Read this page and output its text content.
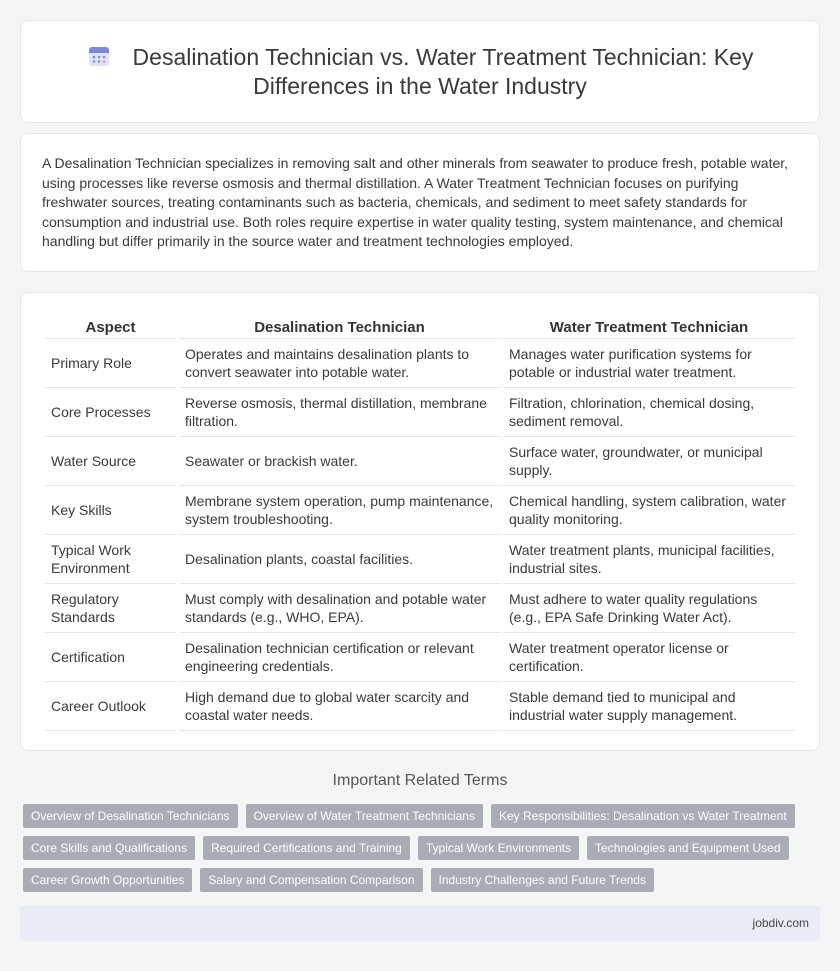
Desalination Technician vs. Water Treatment Technician: Key Differences in the Water Industry

A Desalination Technician specializes in removing salt and other minerals from seawater to produce fresh, potable water, using processes like reverse osmosis and thermal distillation. A Water Treatment Technician focuses on purifying freshwater sources, treating contaminants such as bacteria, chemicals, and sediment to meet safety standards for consumption and industrial use. Both roles require expertise in water quality testing, system maintenance, and chemical handling but differ primarily in the source water and treatment technologies employed.

Aspect	Desalination Technician	Water Treatment Technician
Primary Role	Operates and maintains desalination plants to convert seawater into potable water.	Manages water purification systems for potable or industrial water treatment.
Core Processes	Reverse osmosis, thermal distillation, membrane filtration.	Filtration, chlorination, chemical dosing, sediment removal.
Water Source	Seawater or brackish water.	Surface water, groundwater, or municipal supply.
Key Skills	Membrane system operation, pump maintenance, system troubleshooting.	Chemical handling, system calibration, water quality monitoring.
Typical Work Environment	Desalination plants, coastal facilities.	Water treatment plants, municipal facilities, industrial sites.
Regulatory Standards	Must comply with desalination and potable water standards (e.g., WHO, EPA).	Must adhere to water quality regulations (e.g., EPA Safe Drinking Water Act).
Certification	Desalination technician certification or relevant engineering credentials.	Water treatment operator license or certification.
Career Outlook	High demand due to global water scarcity and coastal water needs.	Stable demand tied to municipal and industrial water supply management.
Important Related Terms
Overview of Desalination Technicians	Overview of Water Treatment Technicians	Key Responsibilities: Desalination vs Water Treatment
Core Skills and Qualifications	Required Certifications and Training	Typical Work Environments	Technologies and Equipment Used
Career Growth Opportunities	Salary and Compensation Comparison	Industry Challenges and Future Trends
jobdiv.com
